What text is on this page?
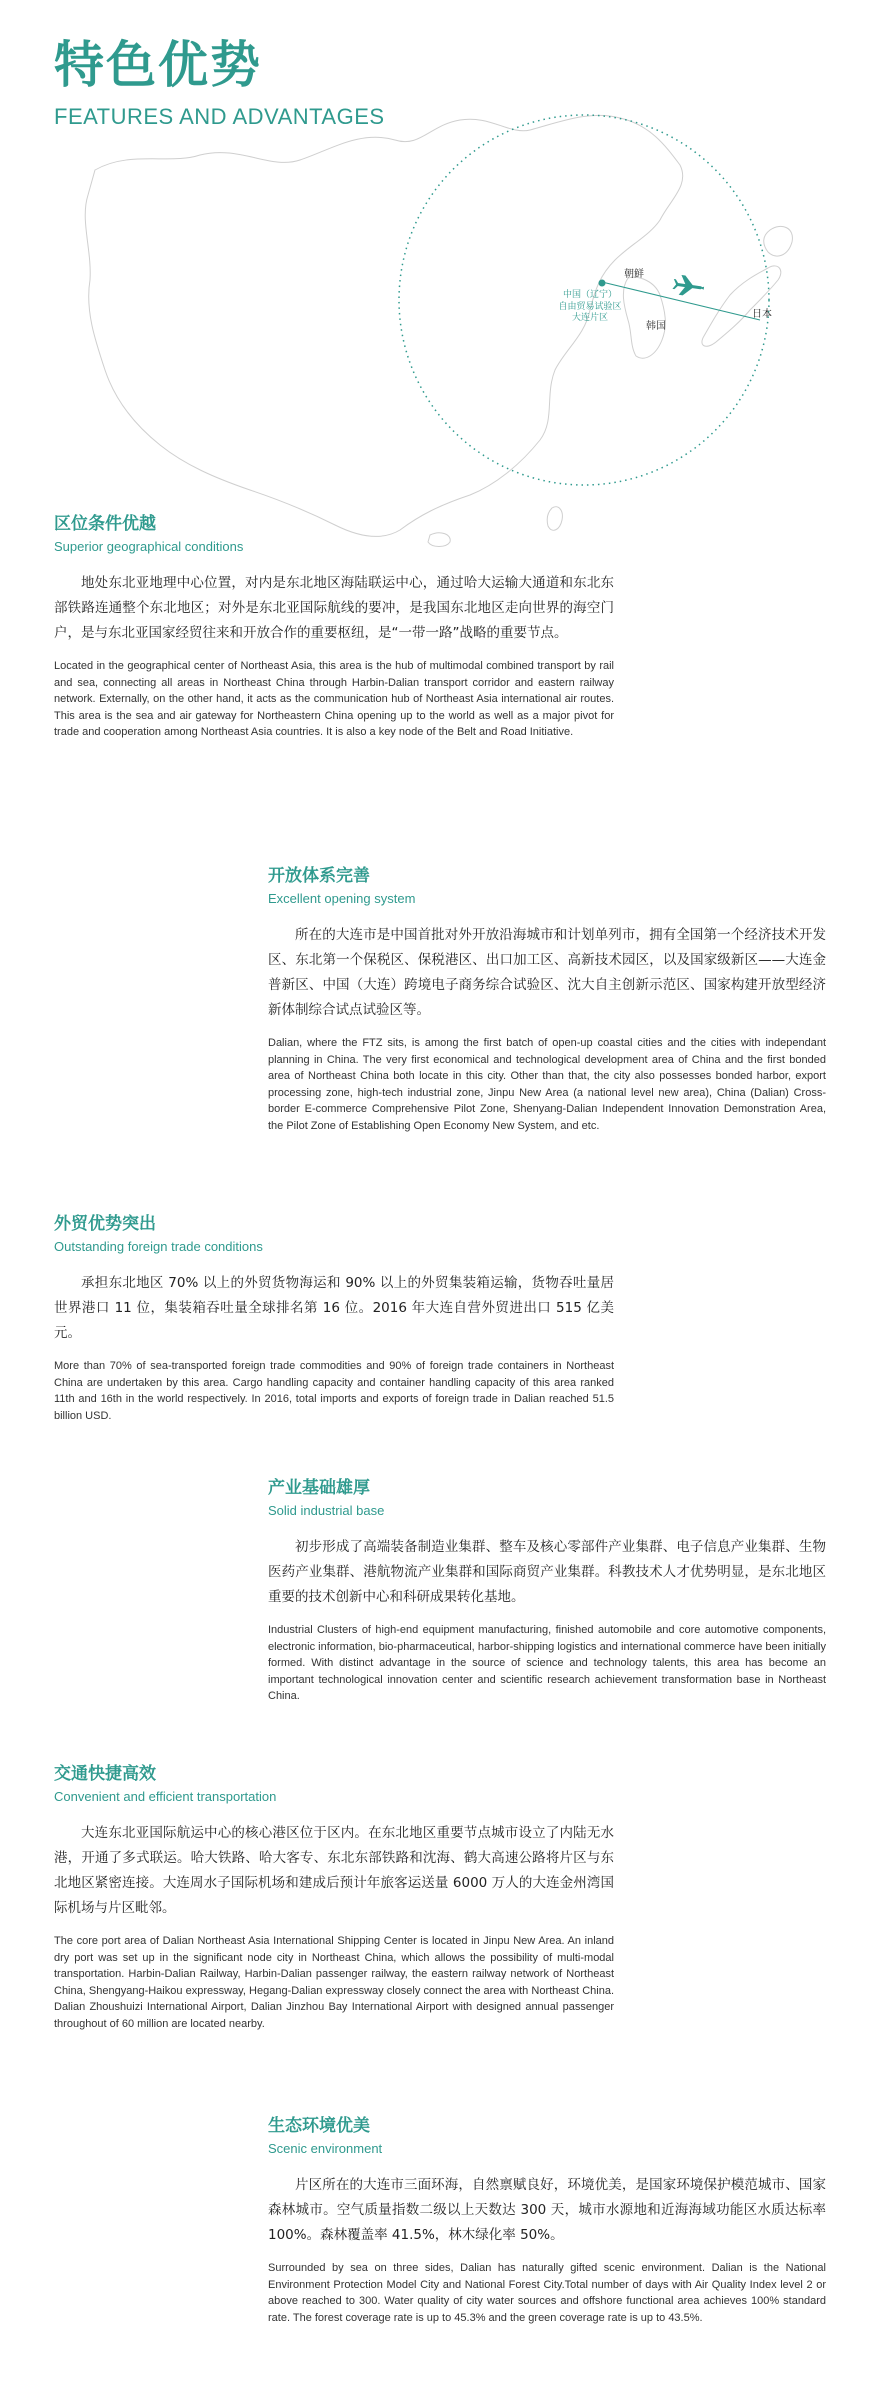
特色优势
FEATURES AND ADVANTAGES
朝鲜
韩国
日本
中国（辽宁）
自由贸易试验区
大连片区
区位条件优越
Superior geographical conditions
地处东北亚地理中心位置，对内是东北地区海陆联运中心，通过哈大运输大通道和东北东部铁路连通整个东北地区；对外是东北亚国际航线的要冲，是我国东北地区走向世界的海空门户，是与东北亚国家经贸往来和开放合作的重要枢纽，是“一带一路”战略的重要节点。
Located in the geographical center of Northeast Asia, this area is the hub of multimodal combined transport by rail and sea, connecting all areas in Northeast China through Harbin-Dalian transport corridor and eastern railway network. Externally, on the other hand, it acts as the communication hub of Northeast Asia international air routes. This area is the sea and air gateway for Northeastern China opening up to the world as well as a major pivot for trade and cooperation among Northeast Asia countries. It is also a key node of the Belt and Road Initiative.
开放体系完善
Excellent opening system
所在的大连市是中国首批对外开放沿海城市和计划单列市，拥有全国第一个经济技术开发区、东北第一个保税区、保税港区、出口加工区、高新技术园区，以及国家级新区——大连金普新区、中国（大连）跨境电子商务综合试验区、沈大自主创新示范区、国家构建开放型经济新体制综合试点试验区等。
Dalian, where the FTZ sits, is among the first batch of open-up coastal cities and the cities with independant planning in China. The very first economical and technological development area of China and the first bonded area of Northeast China both locate in this city. Other than that, the city also possesses bonded harbor, export processing zone, high-tech industrial zone, Jinpu New Area (a national level new area), China (Dalian) Cross-border E-commerce Comprehensive Pilot Zone, Shenyang-Dalian Independent Innovation Demonstration Area, the Pilot Zone of Establishing Open Economy New System, and etc.
外贸优势突出
Outstanding foreign trade conditions
承担东北地区 70% 以上的外贸货物海运和 90% 以上的外贸集装箱运输，货物吞吐量居世界港口 11 位，集装箱吞吐量全球排名第 16 位。2016 年大连自营外贸进出口 515 亿美元。
More than 70% of sea-transported foreign trade commodities and 90% of foreign trade containers in Northeast China are undertaken by this area. Cargo handling capacity and container handling capacity of this area ranked 11th and 16th in the world respectively. In 2016, total imports and exports of foreign trade in Dalian reached 51.5 billion USD.
产业基础雄厚
Solid industrial base
初步形成了高端装备制造业集群、整车及核心零部件产业集群、电子信息产业集群、生物医药产业集群、港航物流产业集群和国际商贸产业集群。科教技术人才优势明显，是东北地区重要的技术创新中心和科研成果转化基地。
Industrial Clusters of high-end equipment manufacturing, finished automobile and core automotive components, electronic information, bio-pharmaceutical, harbor-shipping logistics and international commerce have been initially formed. With distinct advantage in the source of science and technology talents, this area has become an important technological innovation center and scientific research achievement transformation base in Northeast China.
交通快捷高效
Convenient and efficient transportation
大连东北亚国际航运中心的核心港区位于区内。在东北地区重要节点城市设立了内陆无水港，开通了多式联运。哈大铁路、哈大客专、东北东部铁路和沈海、鹤大高速公路将片区与东北地区紧密连接。大连周水子国际机场和建成后预计年旅客运送量 6000 万人的大连金州湾国际机场与片区毗邻。
The core port area of Dalian Northeast Asia International Shipping Center is located in Jinpu New Area. An inland dry port was set up in the significant node city in Northeast China, which allows the possibility of multi-modal transportation. Harbin-Dalian Railway, Harbin-Dalian passenger railway, the eastern railway network of Northeast China, Shengyang-Haikou expressway, Hegang-Dalian expressway closely connect the area with Northeast China. Dalian Zhoushuizi International Airport, Dalian Jinzhou Bay International Airport with designed annual passenger throughout of 60 million are located nearby.
生态环境优美
Scenic environment
片区所在的大连市三面环海，自然禀赋良好，环境优美，是国家环境保护模范城市、国家森林城市。空气质量指数二级以上天数达 300 天，城市水源地和近海海域功能区水质达标率 100%。森林覆盖率 41.5%，林木绿化率 50%。
Surrounded by sea on three sides, Dalian has naturally gifted scenic environment. Dalian is the National Environment Protection Model City and National Forest City.Total number of days with Air Quality Index level 2 or above reached to 300. Water quality of city water sources and offshore functional area achieves 100% standard rate. The forest coverage rate is up to 45.3% and the green coverage rate is up to 43.5%.
